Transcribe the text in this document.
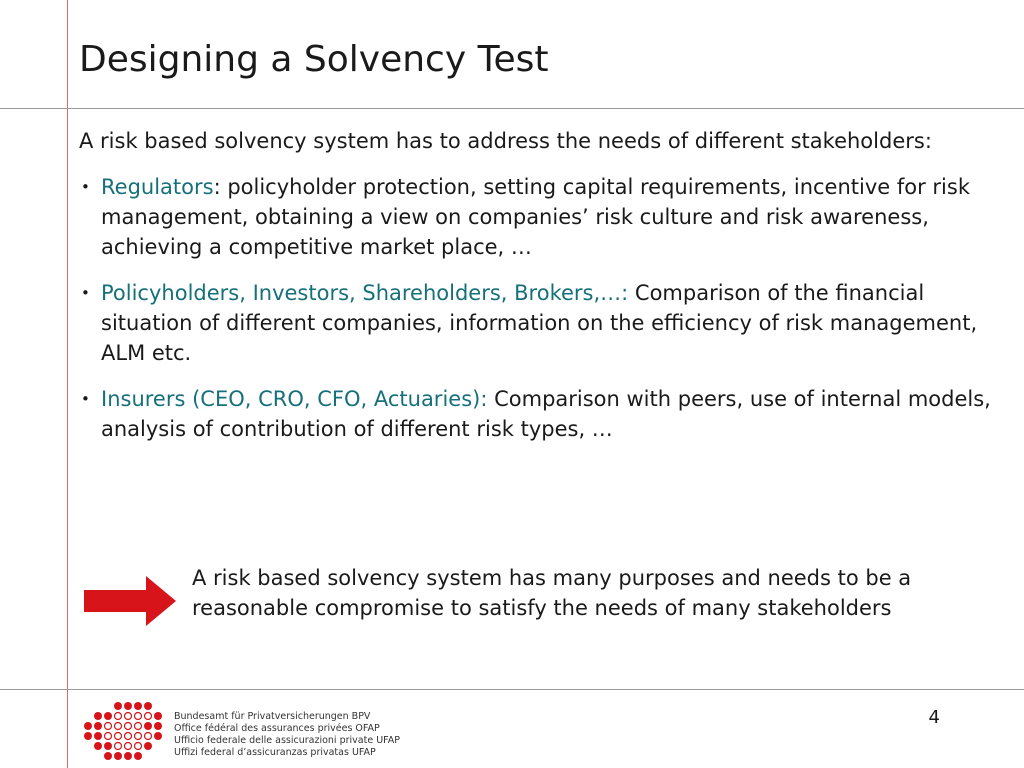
Designing a Solvency Test

A risk based solvency system has to address the needs of different stakeholders:

• Regulators: policyholder protection, setting capital requirements, incentive for risk management, obtaining a view on companies’ risk culture and risk awareness, achieving a competitive market place, …
• Policyholders, Investors, Shareholders, Brokers,…: Comparison of the financial situation of different companies, information on the efficiency of risk management, ALM etc.
• Insurers (CEO, CRO, CFO, Actuaries): Comparison with peers, use of internal models, analysis of contribution of different risk types, …
A risk based solvency system has many purposes and needs to be a reasonable compromise to satisfy the needs of many stakeholders
Bundesamt für Privatversicherungen BPV
Office fédéral des assurances privées OFAP
Ufficio federale delle assicurazioni private UFAP
Uffizi federal d’assicuranzas privatas UFAP
4
